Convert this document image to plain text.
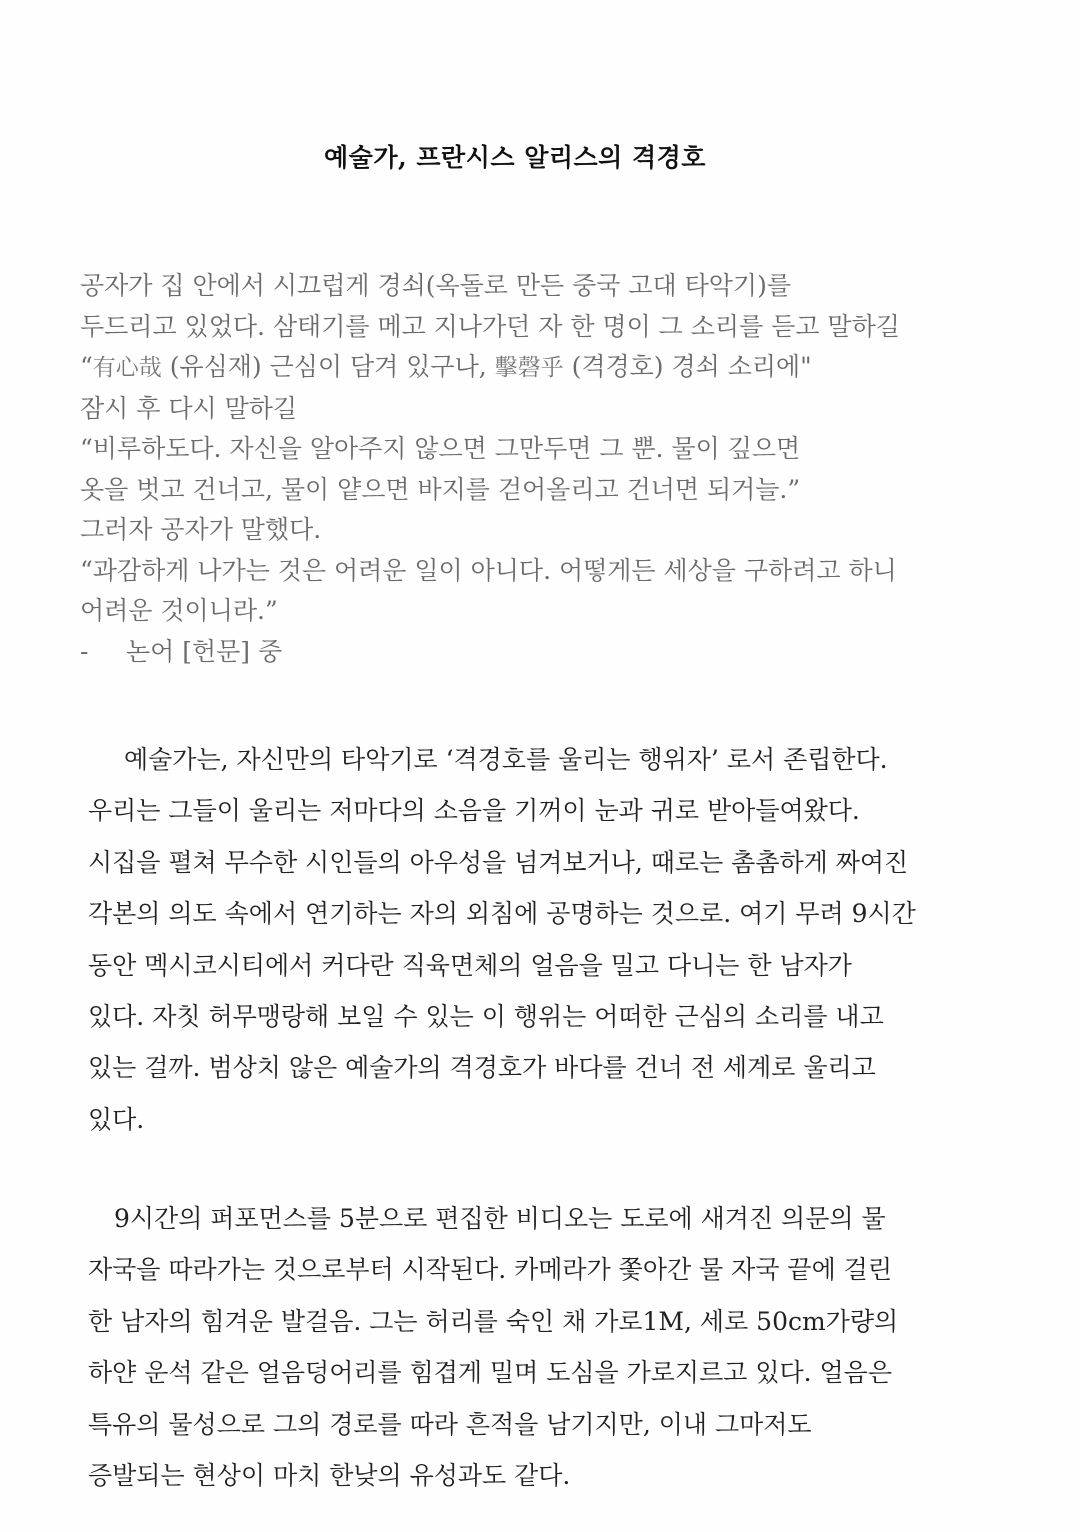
예술가, 프란시스 알리스의 격경호
공자가 집 안에서 시끄럽게 경쇠(옥돌로 만든 중국 고대 타악기)를
두드리고 있었다. 삼태기를 메고 지나가던 자 한 명이 그 소리를 듣고 말하길
“有心哉 (유심재) 근심이 담겨 있구나, 擊磬乎 (격경호) 경쇠 소리에"
잠시 후 다시 말하길
“비루하도다. 자신을 알아주지 않으면 그만두면 그 뿐. 물이 깊으면
옷을 벗고 건너고, 물이 얕으면 바지를 걷어올리고 건너면 되거늘.”
그러자 공자가 말했다.
“과감하게 나가는 것은 어려운 일이 아니다. 어떻게든 세상을 구하려고 하니
어려운 것이니라.”
- 논어 [헌문] 중
예술가는, 자신만의 타악기로 ‘격경호를 울리는 행위자’ 로서 존립한다.
우리는 그들이 울리는 저마다의 소음을 기꺼이 눈과 귀로 받아들여왔다.
시집을 펼쳐 무수한 시인들의 아우성을 넘겨보거나, 때로는 촘촘하게 짜여진
각본의 의도 속에서 연기하는 자의 외침에 공명하는 것으로. 여기 무려 9시간
동안 멕시코시티에서 커다란 직육면체의 얼음을 밀고 다니는 한 남자가
있다. 자칫 허무맹랑해 보일 수 있는 이 행위는 어떠한 근심의 소리를 내고
있는 걸까. 범상치 않은 예술가의 격경호가 바다를 건너 전 세계로 울리고
있다.
9시간의 퍼포먼스를 5분으로 편집한 비디오는 도로에 새겨진 의문의 물
자국을 따라가는 것으로부터 시작된다. 카메라가 쫓아간 물 자국 끝에 걸린
한 남자의 힘겨운 발걸음. 그는 허리를 숙인 채 가로1M, 세로 50cm가량의
하얀 운석 같은 얼음덩어리를 힘겹게 밀며 도심을 가로지르고 있다. 얼음은
특유의 물성으로 그의 경로를 따라 흔적을 남기지만, 이내 그마저도
증발되는 현상이 마치 한낮의 유성과도 같다.
